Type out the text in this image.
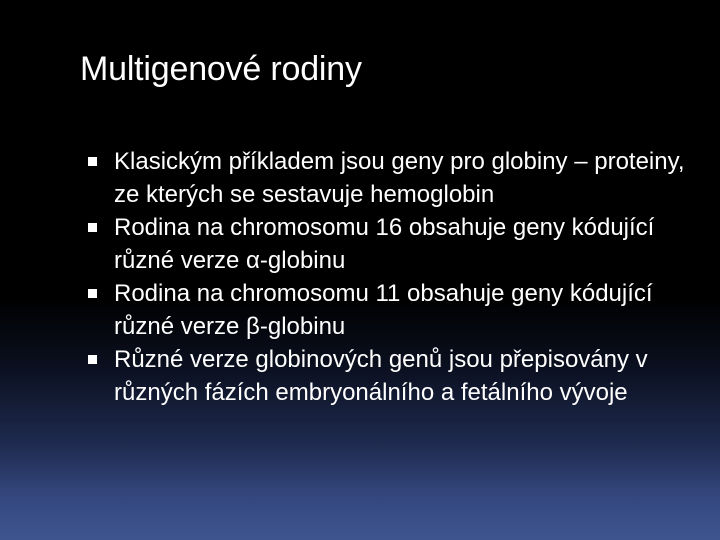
Multigenové rodiny
Klasickým příkladem jsou geny pro globiny – proteiny, ze kterých se sestavuje hemoglobin
Rodina na chromosomu 16 obsahuje geny kódující různé verze α-globinu
Rodina na chromosomu 11 obsahuje geny kódující různé verze β-globinu
Různé verze globinových genů jsou přepisovány v různých fázích embryonálního a fetálního vývoje
